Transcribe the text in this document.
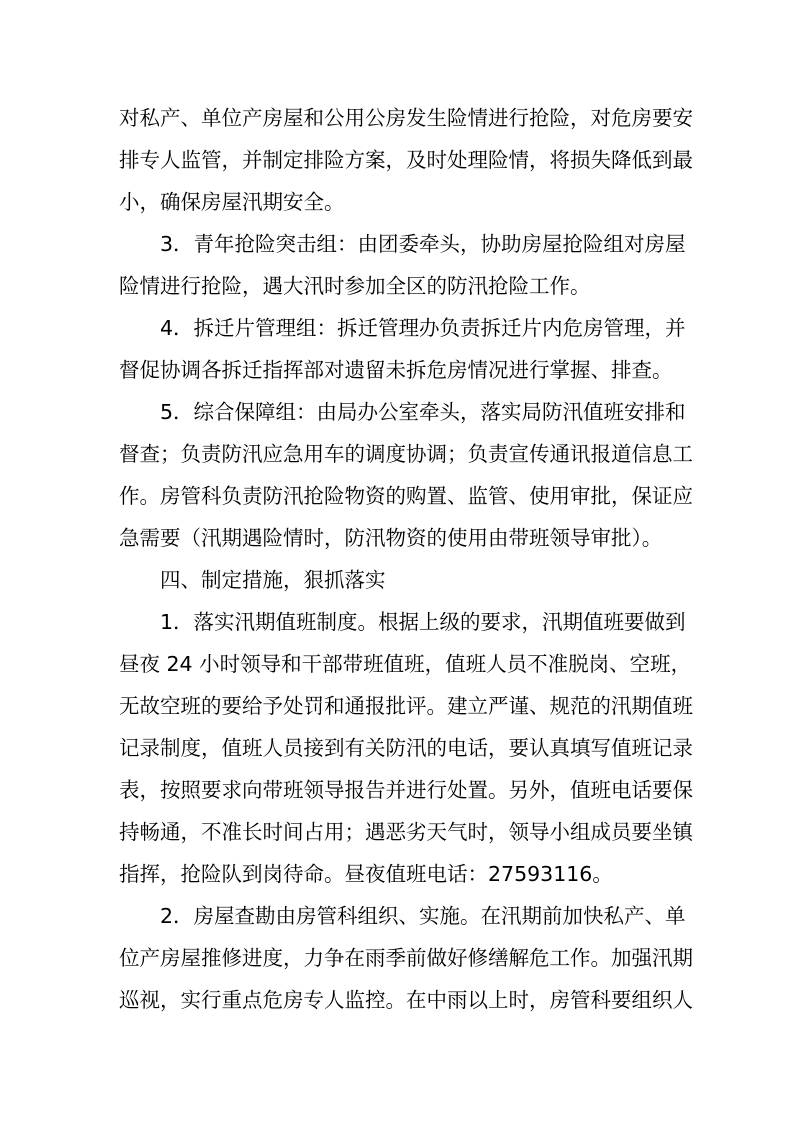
对私产、单位产房屋和公用公房发生险情进行抢险，对危房要安
排专人监管，并制定排险方案，及时处理险情，将损失降低到最
小，确保房屋汛期安全。
3．青年抢险突击组：由团委牵头，协助房屋抢险组对房屋
险情进行抢险，遇大汛时参加全区的防汛抢险工作。
4．拆迁片管理组：拆迁管理办负责拆迁片内危房管理，并
督促协调各拆迁指挥部对遗留未拆危房情况进行掌握、排查。
5．综合保障组：由局办公室牵头，落实局防汛值班安排和
督查；负责防汛应急用车的调度协调；负责宣传通讯报道信息工
作。房管科负责防汛抢险物资的购置、监管、使用审批，保证应
急需要（汛期遇险情时，防汛物资的使用由带班领导审批）。
四、制定措施，狠抓落实
1．落实汛期值班制度。根据上级的要求，汛期值班要做到
昼夜 24 小时领导和干部带班值班，值班人员不准脱岗、空班，
无故空班的要给予处罚和通报批评。建立严谨、规范的汛期值班
记录制度，值班人员接到有关防汛的电话，要认真填写值班记录
表，按照要求向带班领导报告并进行处置。另外，值班电话要保
持畅通，不准长时间占用；遇恶劣天气时，领导小组成员要坐镇
指挥，抢险队到岗待命。昼夜值班电话：27593116。
2．房屋查勘由房管科组织、实施。在汛期前加快私产、单
位产房屋推修进度，力争在雨季前做好修缮解危工作。加强汛期
巡视，实行重点危房专人监控。在中雨以上时，房管科要组织人
